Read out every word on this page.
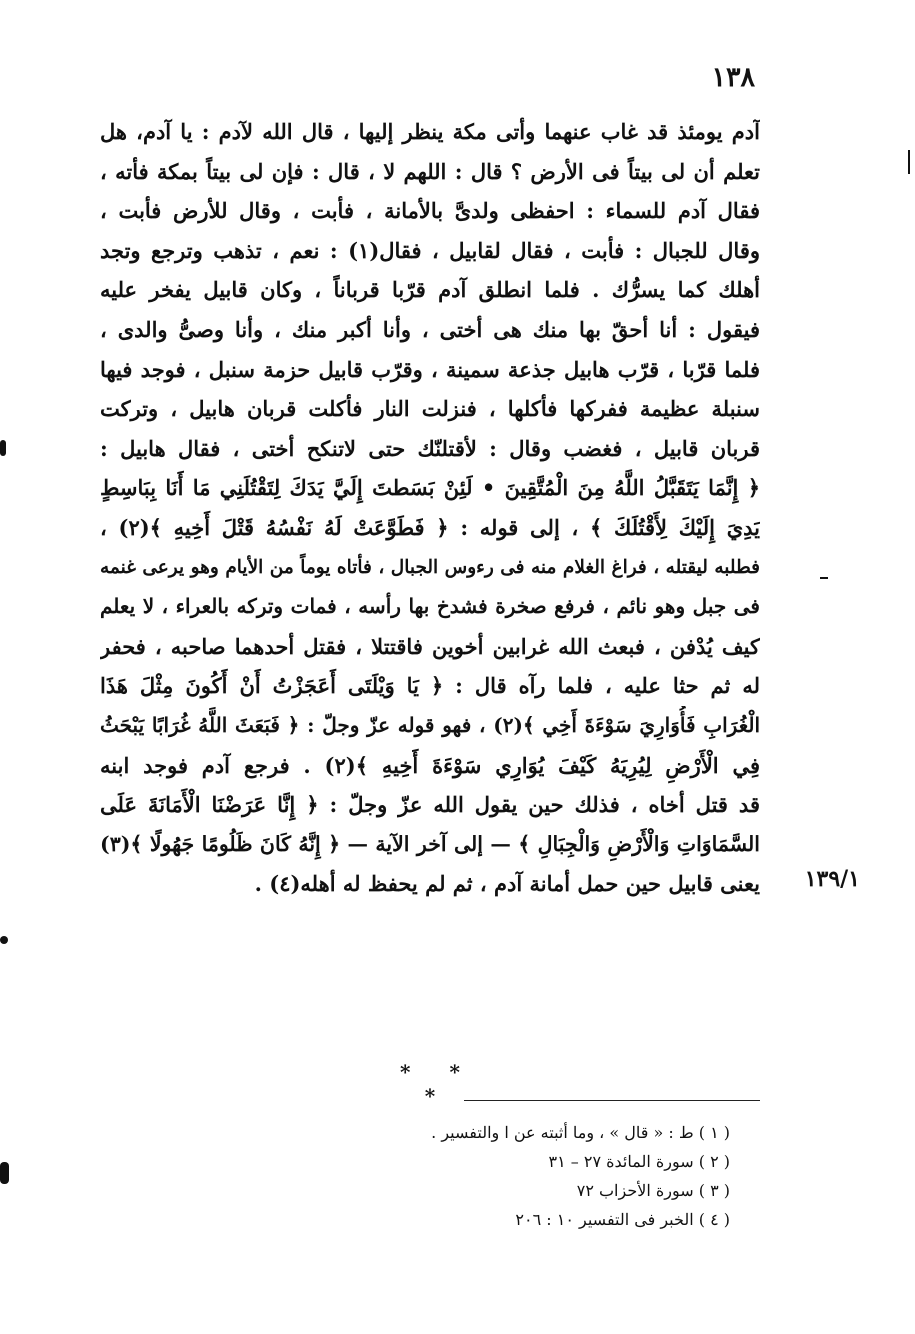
١٣٨
آدم يومئذ قد غاب عنهما وأتى مكة ينظر إليها ، قال الله لآدم : يا آدم، هل
تعلم أن لى بيتاً فى الأرض ؟ قال : اللهم لا ، قال : فإن لى بيتاً بمكة فأته ،
فقال آدم للسماء : احفظى ولدىَّ بالأمانة ، فأبت ، وقال للأرض فأبت ،
وقال للجبال : فأبت ، فقال لقابيل ، فقال(١) : نعم ، تذهب وترجع وتجد
أهلك كما يسرُّك . فلما انطلق آدم قرّبا قرباناً ، وكان قابيل يفخر عليه
فيقول : أنا أحقّ بها منك هى أختى ، وأنا أكبر منك ، وأنا وصىُّ والدى ،
فلما قرّبا ، قرّب هابيل جذعة سمينة ، وقرّب قابيل حزمة سنبل ، فوجد فيها
سنبلة عظيمة ففركها فأكلها ، فنزلت النار فأكلت قربان هابيل ، وتركت
قربان قابيل ، فغضب وقال : لأقتلنّك حتى لاتنكح أختى ، فقال هابيل :
﴿ إِنَّمَا يَتَقَبَّلُ اللَّهُ مِنَ الْمُتَّقِينَ • لَئِنْ بَسَطتَ إِلَيَّ يَدَكَ لِتَقْتُلَنِي مَا أَنَا بِبَاسِطٍ
يَدِيَ إِلَيْكَ لِأَقْتُلَكَ ﴾ ، إلى قوله : ﴿ فَطَوَّعَتْ لَهُ نَفْسُهُ قَتْلَ أَخِيهِ ﴾(٢) ،
فطلبه ليقتله ، فراغ الغلام منه فى رءوس الجبال ، فأتاه يوماً من الأيام وهو يرعى غنمه
فى جبل وهو نائم ، فرفع صخرة فشدخ بها رأسه ، فمات وتركه بالعراء ، لا يعلم
كيف يُدْفن ، فبعث الله غرابين أخوين فاقتتلا ، فقتل أحدهما صاحبه ، فحفر
له ثم حثا عليه ، فلما رآه قال : ﴿ يَا وَيْلَتَى أَعَجَزْتُ أَنْ أَكُونَ مِثْلَ هَذَا
الْغُرَابِ فَأُوَارِيَ سَوْءَةَ أَخِي ﴾(٢) ، فهو قوله عزّ وجلّ : ﴿ فَبَعَثَ اللَّهُ غُرَابًا يَبْحَثُ
فِي الْأَرْضِ لِيُرِيَهُ كَيْفَ يُوَارِي سَوْءَةَ أَخِيهِ ﴾(٢) . فرجع آدم فوجد ابنه
قد قتل أخاه ، فذلك حين يقول الله عزّ وجلّ : ﴿ إِنَّا عَرَضْنَا الْأَمَانَةَ عَلَى
السَّمَاوَاتِ وَالْأَرْضِ وَالْجِبَالِ ﴾ — إلى آخر الآية — ﴿ إِنَّهُ كَانَ ظَلُومًا جَهُولًا ﴾(٣)
يعنى قابيل حين حمل أمانة آدم ، ثم لم يحفظ له أهله(٤) .	١٣٩/١
* * *
( ١ ) ط : « قال » ، وما أثبته عن ا والتفسير .
( ٢ ) سورة المائدة ٢٧ – ٣١
( ٣ ) سورة الأحزاب ٧٢
( ٤ ) الخبر فى التفسير ١٠ : ٢٠٦
